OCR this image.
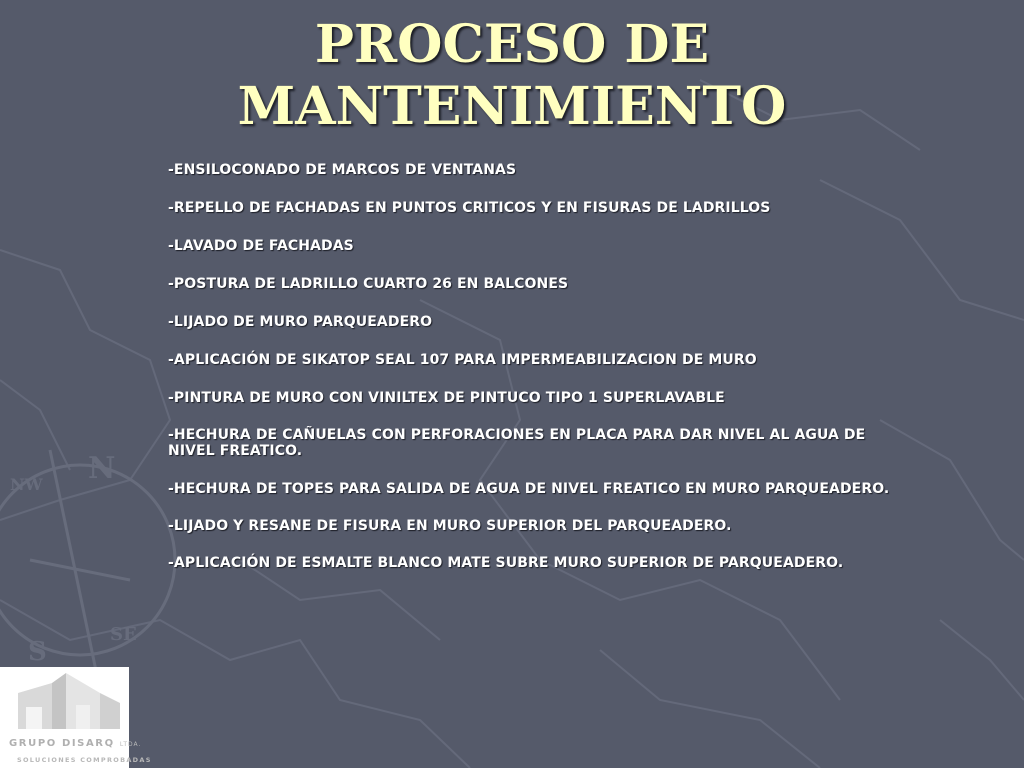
N
S
SE
NW
PROCESO DE
MANTENIMIENTO
-ENSILOCONADO DE MARCOS DE VENTANAS
-REPELLO DE FACHADAS EN PUNTOS CRITICOS Y EN FISURAS DE LADRILLOS
-LAVADO DE FACHADAS
-POSTURA DE LADRILLO CUARTO 26 EN BALCONES
-LIJADO DE MURO PARQUEADERO
-APLICACIÓN DE SIKATOP SEAL 107 PARA IMPERMEABILIZACION DE MURO
-PINTURA DE MURO CON VINILTEX DE PINTUCO TIPO 1 SUPERLAVABLE
-HECHURA DE CAÑUELAS CON PERFORACIONES EN PLACA PARA DAR NIVEL AL AGUA DE NIVEL FREATICO.
-HECHURA DE TOPES PARA SALIDA DE AGUA DE NIVEL FREATICO EN MURO PARQUEADERO.
-LIJADO Y RESANE DE FISURA EN MURO SUPERIOR DEL PARQUEADERO.
-APLICACIÓN DE ESMALTE BLANCO MATE SUBRE MURO SUPERIOR DE PARQUEADERO.
GRUPO DISARQ LTDA.
SOLUCIONES COMPROBADAS
